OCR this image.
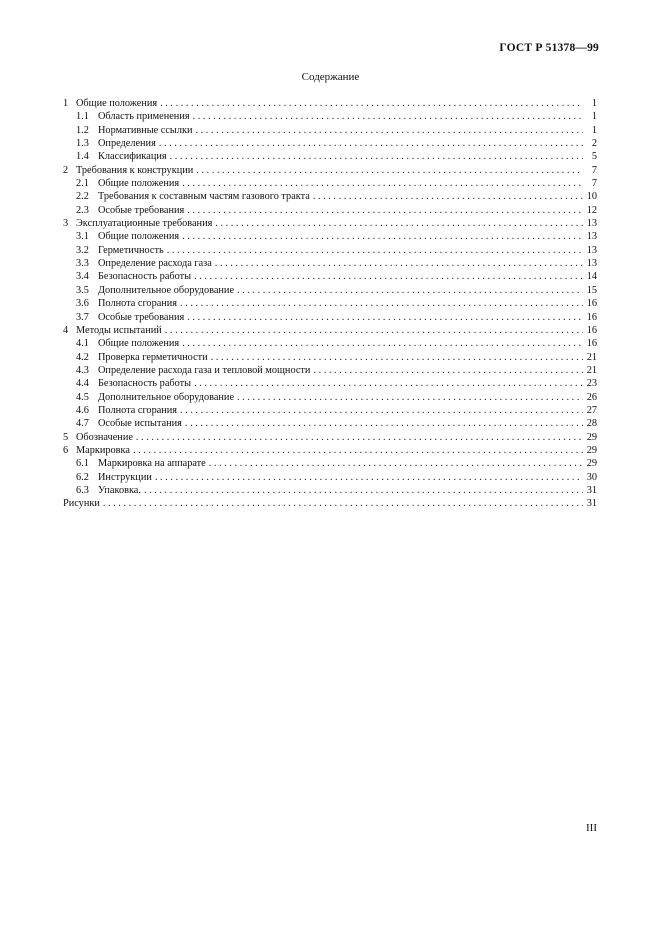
ГОСТ Р 51378—99
Содержание
1 Общие положения . . .	1
1.1 Область применения . . .	1
1.2 Нормативные ссылки . . .	1
1.3 Определения . . .	2
1.4 Классификация . . .	5
2 Требования к конструкции . . .	7
2.1 Общие положения . . .	7
2.2 Требования к составным частям газового тракта . . .	10
2.3 Особые требования . . .	12
3 Эксплуатационные требования . . .	13
3.1 Общие положения . . .	13
3.2 Герметичность . . .	13
3.3 Определение расхода газа . . .	13
3.4 Безопасность работы . . .	14
3.5 Дополнительное оборудование . . .	15
3.6 Полнота сгорания . . .	16
3.7 Особые требования . . .	16
4 Методы испытаний . . .	16
4.1 Общие положения . . .	16
4.2 Проверка герметичности . . .	21
4.3 Определение расхода газа и тепловой мощности . . .	21
4.4 Безопасность работы . . .	23
4.5 Дополнительное оборудование . . .	26
4.6 Полнота сгорания . . .	27
4.7 Особые испытания . . .	28
5 Обозначение . . .	29
6 Маркировка . . .	29
6.1 Маркировка на аппарате . . .	29
6.2 Инструкции . . .	30
6.3 Упаковка. . . .	31
Рисунки . . .	31
III
